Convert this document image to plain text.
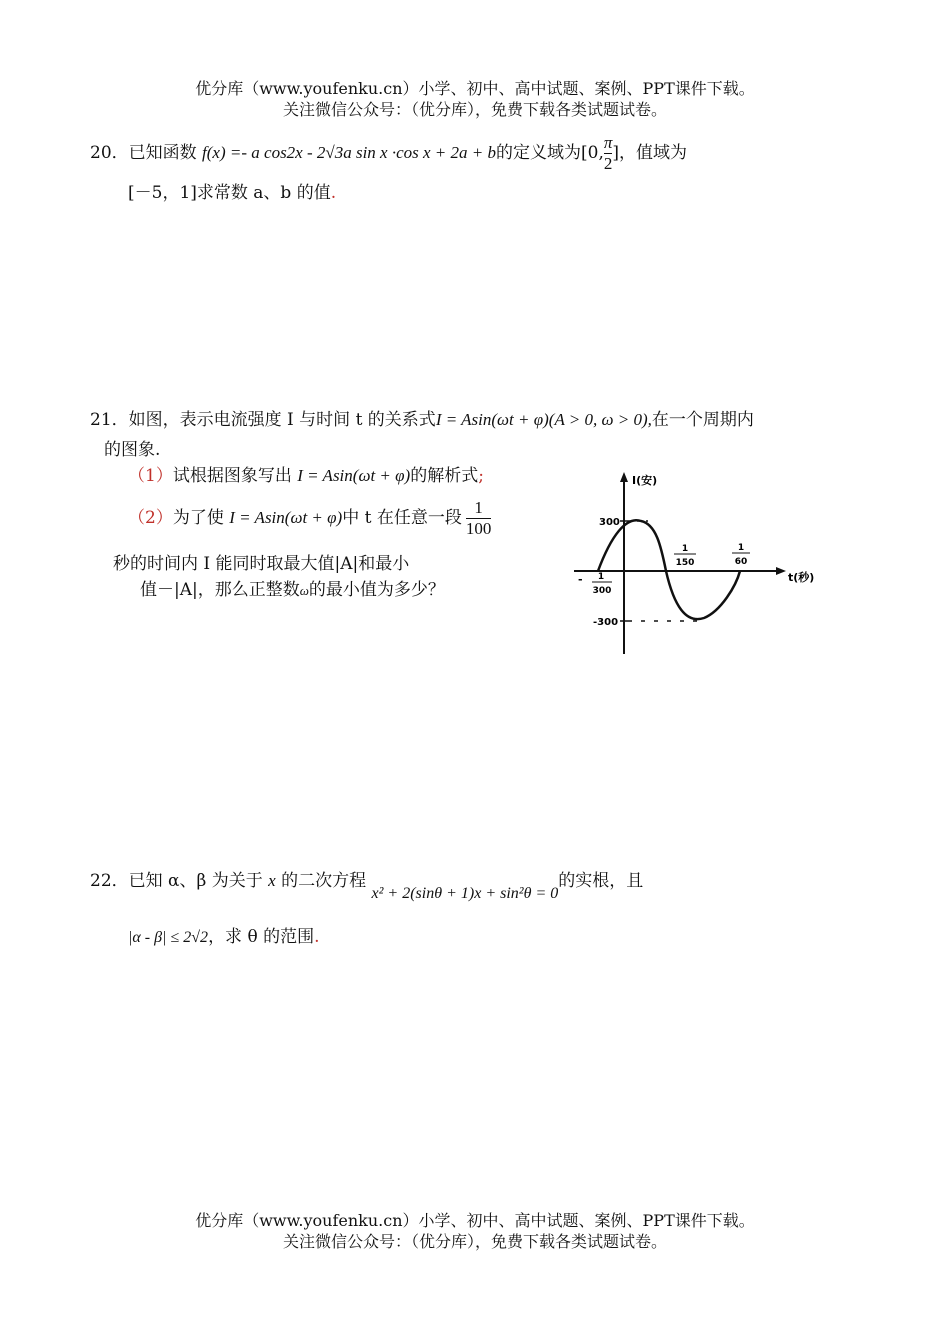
优分库（www.youfenku.cn）小学、初中、高中试题、案例、PPT课件下载。
关注微信公众号：（优分库），免费下载各类试题试卷。
20．已知函数 f(x) =- a cos2x - 2√3a sin x ·cos x + 2a + b的定义域为[0, $\frac{\pi}{2}$ ]，值域为
[－5，1]求常数 a、b 的值.
21．如图，表示电流强度 I 与时间 t 的关系式I = Asin(ωt + φ)(A > 0, ω > 0),在一个周期内
的图象.
（1）试根据图象写出 I = Asin(ωt + φ)的解析式;
（2）为了使 I = Asin(ωt + φ)中 t 在任意一段 $\frac{1}{100}$
秒的时间内 I 能同时取最大值|A|和最小
值－|A|，那么正整数ω的最小值为多少？
I(安)
t(秒)
300
-300
- 1
300
1
150
1
60
22．已知 α、β 为关于 x 的二次方程 x² + 2(sinθ + 1)x + sin²θ = 0的实根，且
|α - β| ≤ 2√2，求 θ 的范围.
优分库（www.youfenku.cn）小学、初中、高中试题、案例、PPT课件下载。
关注微信公众号：（优分库），免费下载各类试题试卷。
